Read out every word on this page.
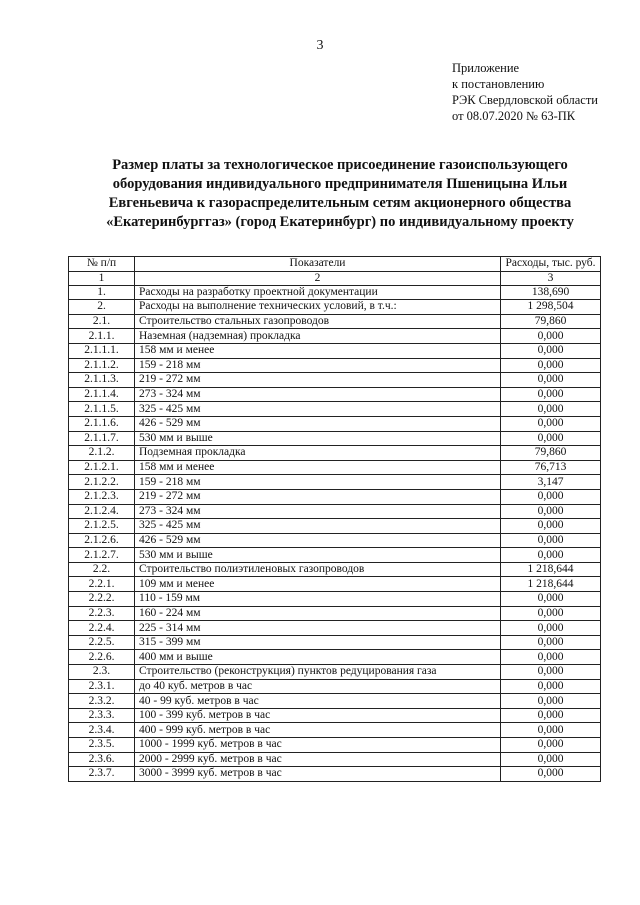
3
Приложение
к постановлению
РЭК Свердловской области
от 08.07.2020 № 63-ПК
Размер платы за технологическое присоединение газоиспользующего
оборудования индивидуального предпринимателя Пшеницына Ильи
Евгеньевича к газораспределительным сетям акционерного общества
«Екатеринбурггаз» (город Екатеринбург) по индивидуальному проекту
№ п/п	Показатели	Расходы, тыс. руб.
1	2	3
1.	Расходы на разработку проектной документации	138,690
2.	Расходы на выполнение технических условий, в т.ч.:	1 298,504
2.1.	Строительство стальных газопроводов	79,860
2.1.1.	Наземная (надземная) прокладка	0,000
2.1.1.1.	158 мм и менее	0,000
2.1.1.2.	159 - 218 мм	0,000
2.1.1.3.	219 - 272 мм	0,000
2.1.1.4.	273 - 324 мм	0,000
2.1.1.5.	325 - 425 мм	0,000
2.1.1.6.	426 - 529 мм	0,000
2.1.1.7.	530 мм и выше	0,000
2.1.2.	Подземная прокладка	79,860
2.1.2.1.	158 мм и менее	76,713
2.1.2.2.	159 - 218 мм	3,147
2.1.2.3.	219 - 272 мм	0,000
2.1.2.4.	273 - 324 мм	0,000
2.1.2.5.	325 - 425 мм	0,000
2.1.2.6.	426 - 529 мм	0,000
2.1.2.7.	530 мм и выше	0,000
2.2.	Строительство полиэтиленовых газопроводов	1 218,644
2.2.1.	109 мм и менее	1 218,644
2.2.2.	110 - 159 мм	0,000
2.2.3.	160 - 224 мм	0,000
2.2.4.	225 - 314 мм	0,000
2.2.5.	315 - 399 мм	0,000
2.2.6.	400 мм и выше	0,000
2.3.	Строительство (реконструкция) пунктов редуцирования газа	0,000
2.3.1.	до 40 куб. метров в час	0,000
2.3.2.	40 - 99 куб. метров в час	0,000
2.3.3.	100 - 399 куб. метров в час	0,000
2.3.4.	400 - 999 куб. метров в час	0,000
2.3.5.	1000 - 1999 куб. метров в час	0,000
2.3.6.	2000 - 2999 куб. метров в час	0,000
2.3.7.	3000 - 3999 куб. метров в час	0,000
